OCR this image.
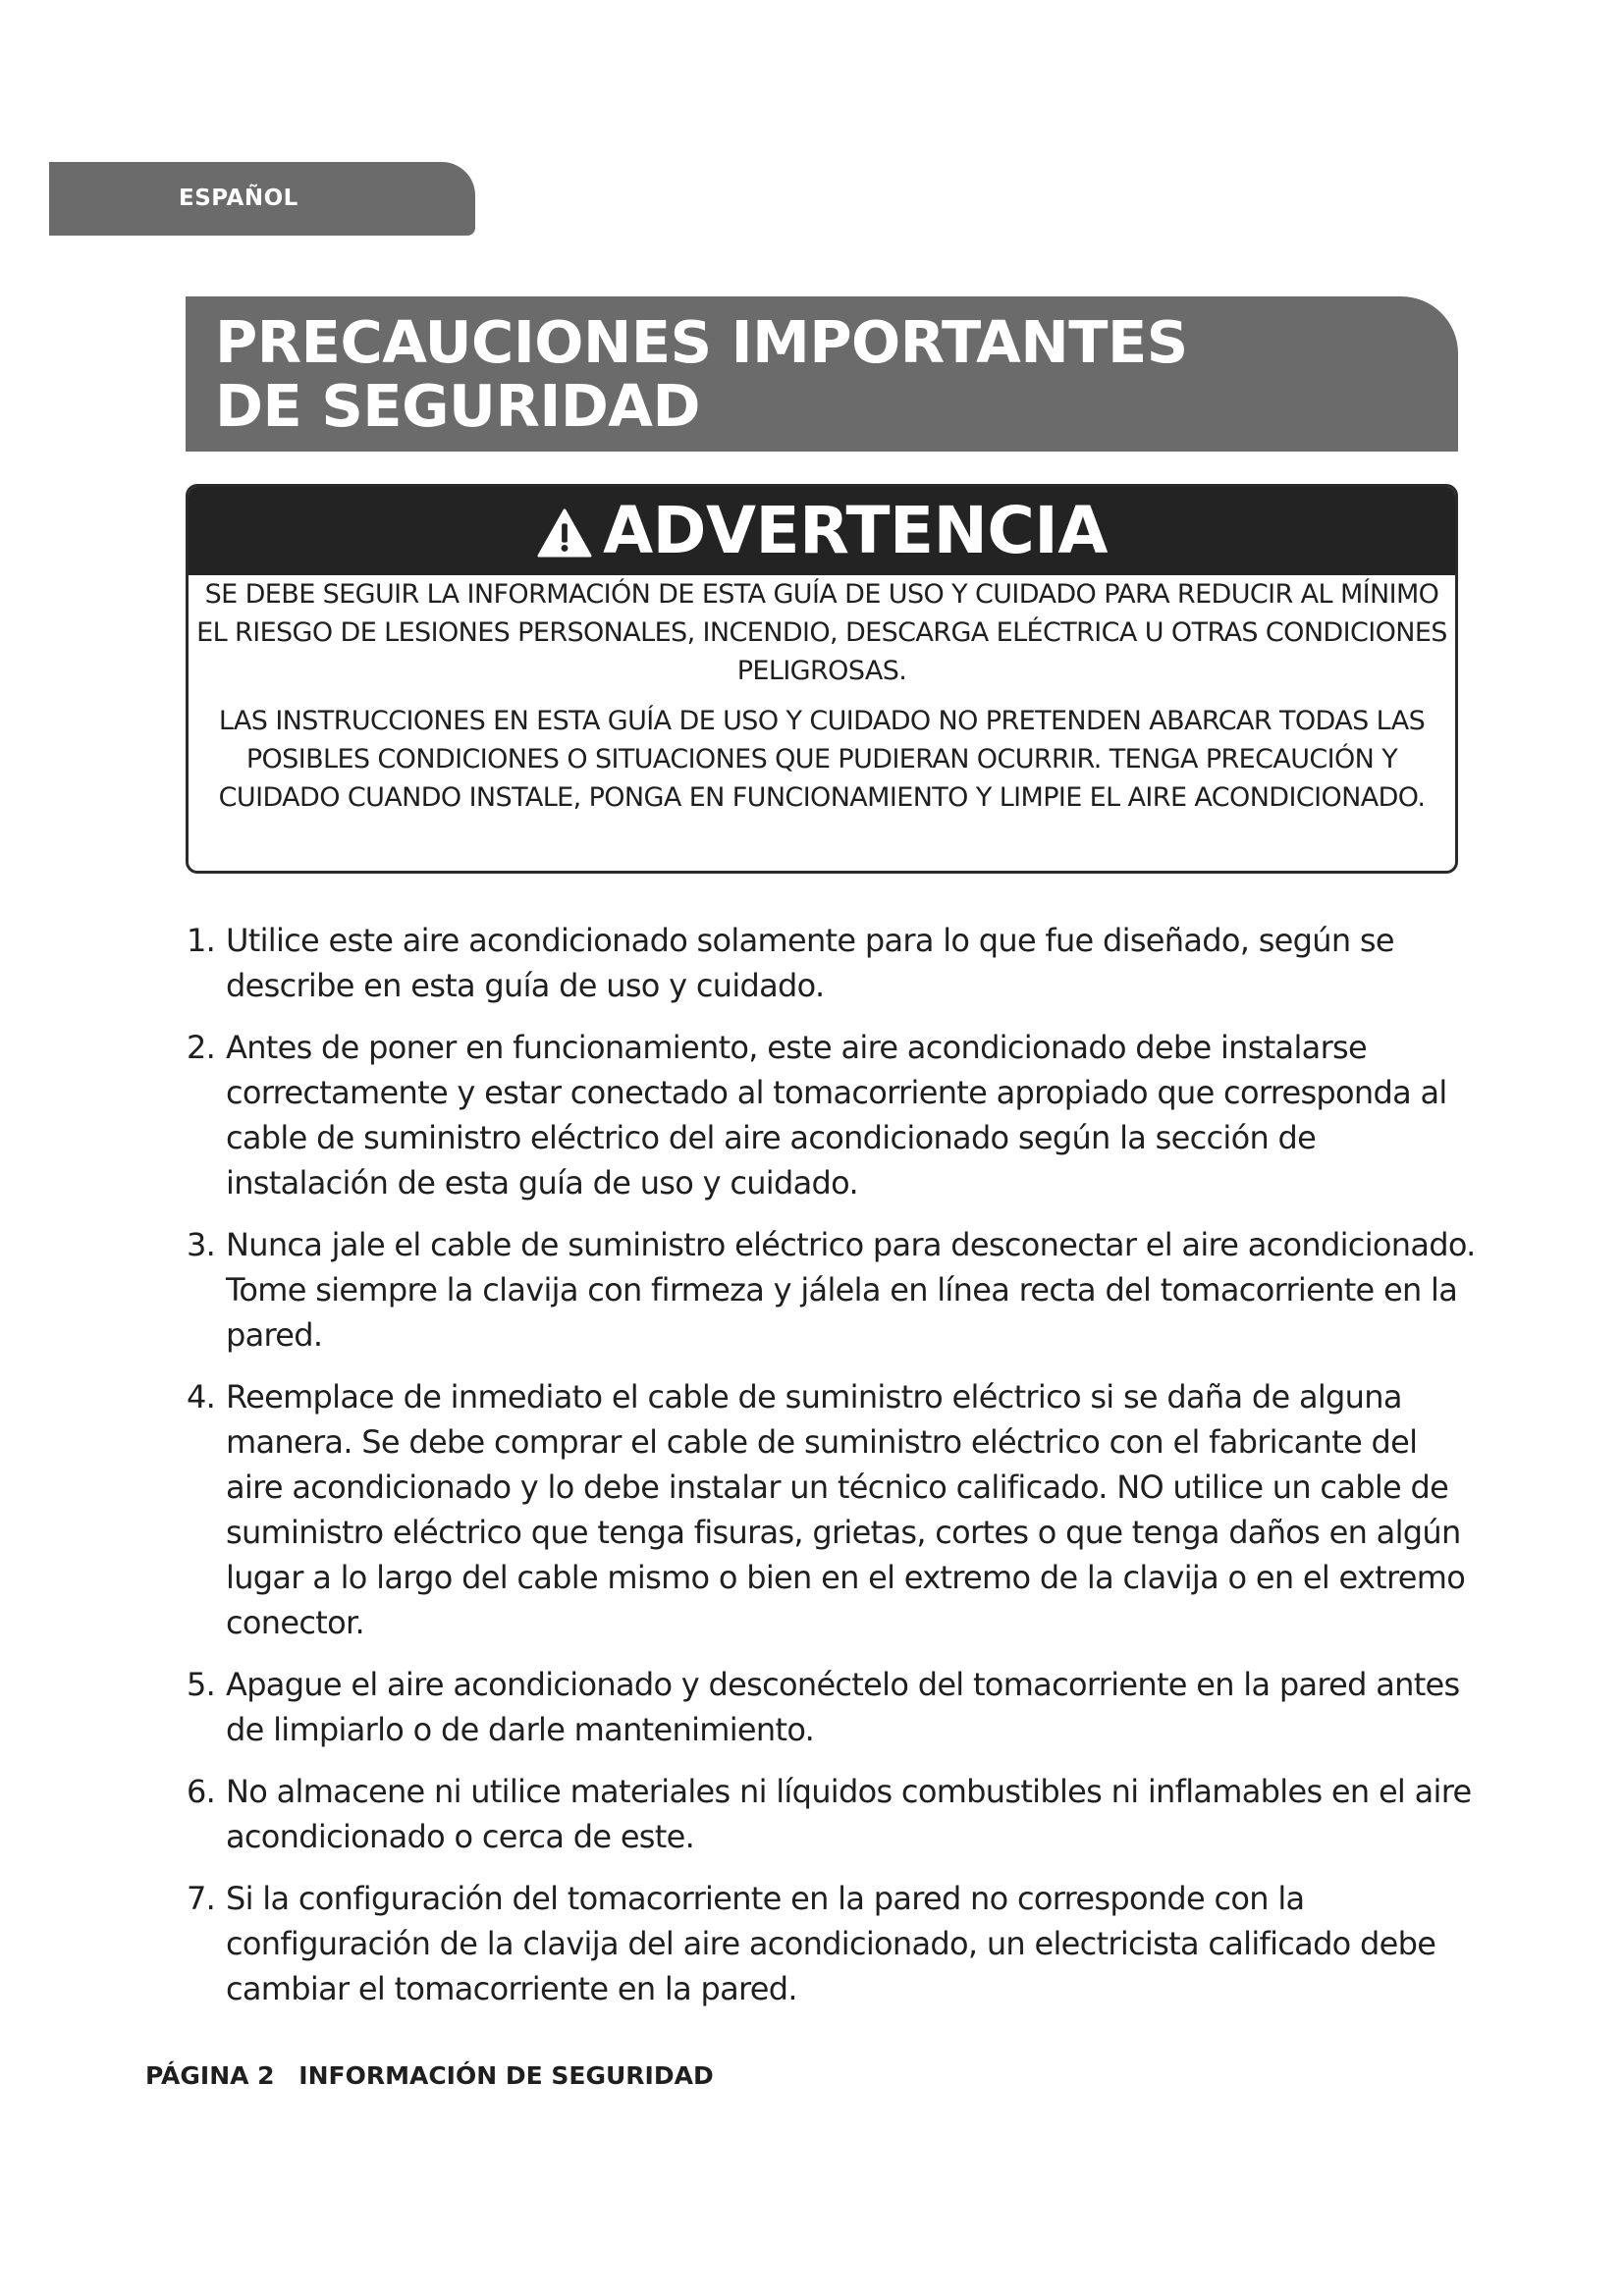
ESPAÑOL
PRECAUCIONES IMPORTANTES
DE SEGURIDAD
ADVERTENCIA

SE DEBE SEGUIR LA INFORMACIÓN DE ESTA GUÍA DE USO Y CUIDADO PARA REDUCIR AL MÍNIMO EL RIESGO DE LESIONES PERSONALES, INCENDIO, DESCARGA ELÉCTRICA U OTRAS CONDICIONES PELIGROSAS.

LAS INSTRUCCIONES EN ESTA GUÍA DE USO Y CUIDADO NO PRETENDEN ABARCAR TODAS LAS POSIBLES CONDICIONES O SITUACIONES QUE PUDIERAN OCURRIR. TENGA PRECAUCIÓN Y CUIDADO CUANDO INSTALE, PONGA EN FUNCIONAMIENTO Y LIMPIE EL AIRE ACONDICIONADO.

1. Utilice este aire acondicionado solamente para lo que fue diseñado, según se describe en esta guía de uso y cuidado.
2. Antes de poner en funcionamiento, este aire acondicionado debe instalarse correctamente y estar conectado al tomacorriente apropiado que corresponda al cable de suministro eléctrico del aire acondicionado según la sección de instalación de esta guía de uso y cuidado.
3. Nunca jale el cable de suministro eléctrico para desconectar el aire acondicionado. Tome siempre la clavija con firmeza y jálela en línea recta del tomacorriente en la pared.
4. Reemplace de inmediato el cable de suministro eléctrico si se daña de alguna manera. Se debe comprar el cable de suministro eléctrico con el fabricante del aire acondicionado y lo debe instalar un técnico calificado. NO utilice un cable de suministro eléctrico que tenga fisuras, grietas, cortes o que tenga daños en algún lugar a lo largo del cable mismo o bien en el extremo de la clavija o en el extremo conector.
5. Apague el aire acondicionado y desconéctelo del tomacorriente en la pared antes de limpiarlo o de darle mantenimiento.
6. No almacene ni utilice materiales ni líquidos combustibles ni inflamables en el aire acondicionado o cerca de este.
7. Si la configuración del tomacorriente en la pared no corresponde con la configuración de la clavija del aire acondicionado, un electricista calificado debe cambiar el tomacorriente en la pared.
PÁGINA 2 INFORMACIÓN DE SEGURIDAD
